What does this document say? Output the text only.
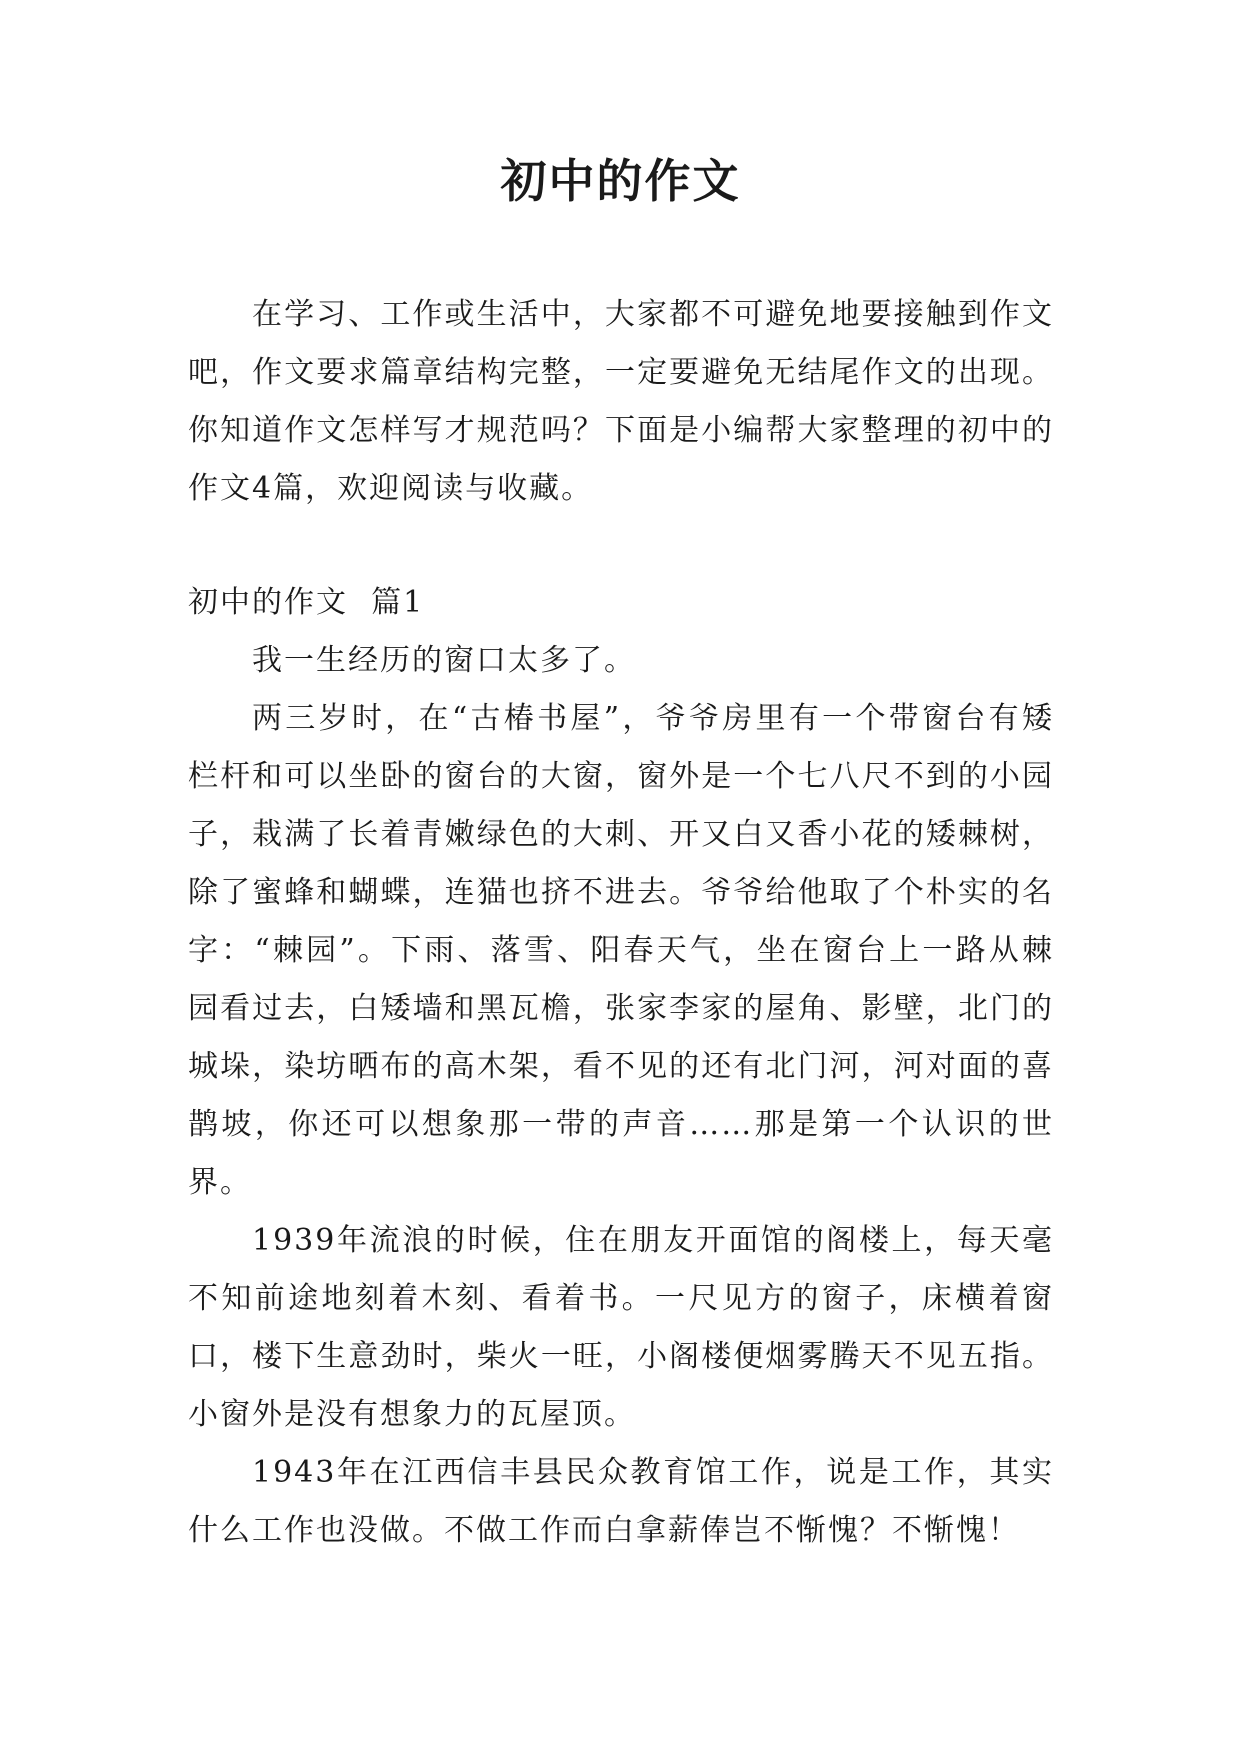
初中的作文

在学习、工作或生活中，大家都不可避免地要接触到作文吧，作文要求篇章结构完整，一定要避免无结尾作文的出现。你知道作文怎样写才规范吗？下面是小编帮大家整理的初中的作文4篇，欢迎阅读与收藏。

初中的作文  篇1

我一生经历的窗口太多了。

两三岁时，在“古椿书屋”，爷爷房里有一个带窗台有矮栏杆和可以坐卧的窗台的大窗，窗外是一个七八尺不到的小园子，栽满了长着青嫩绿色的大刺、开又白又香小花的矮棘树，除了蜜蜂和蝴蝶，连猫也挤不进去。爷爷给他取了个朴实的名字：“棘园”。下雨、落雪、阳春天气，坐在窗台上一路从棘园看过去，白矮墙和黑瓦檐，张家李家的屋角、影壁，北门的城垛，染坊晒布的高木架，看不见的还有北门河，河对面的喜鹊坡，你还可以想象那一带的声音……那是第一个认识的世界。

1939年流浪的时候，住在朋友开面馆的阁楼上，每天毫不知前途地刻着木刻、看着书。一尺见方的窗子，床横着窗口，楼下生意劲时，柴火一旺，小阁楼便烟雾腾天不见五指。小窗外是没有想象力的瓦屋顶。

1943年在江西信丰县民众教育馆工作，说是工作，其实什么工作也没做。不做工作而白拿薪俸岂不惭愧？不惭愧！
